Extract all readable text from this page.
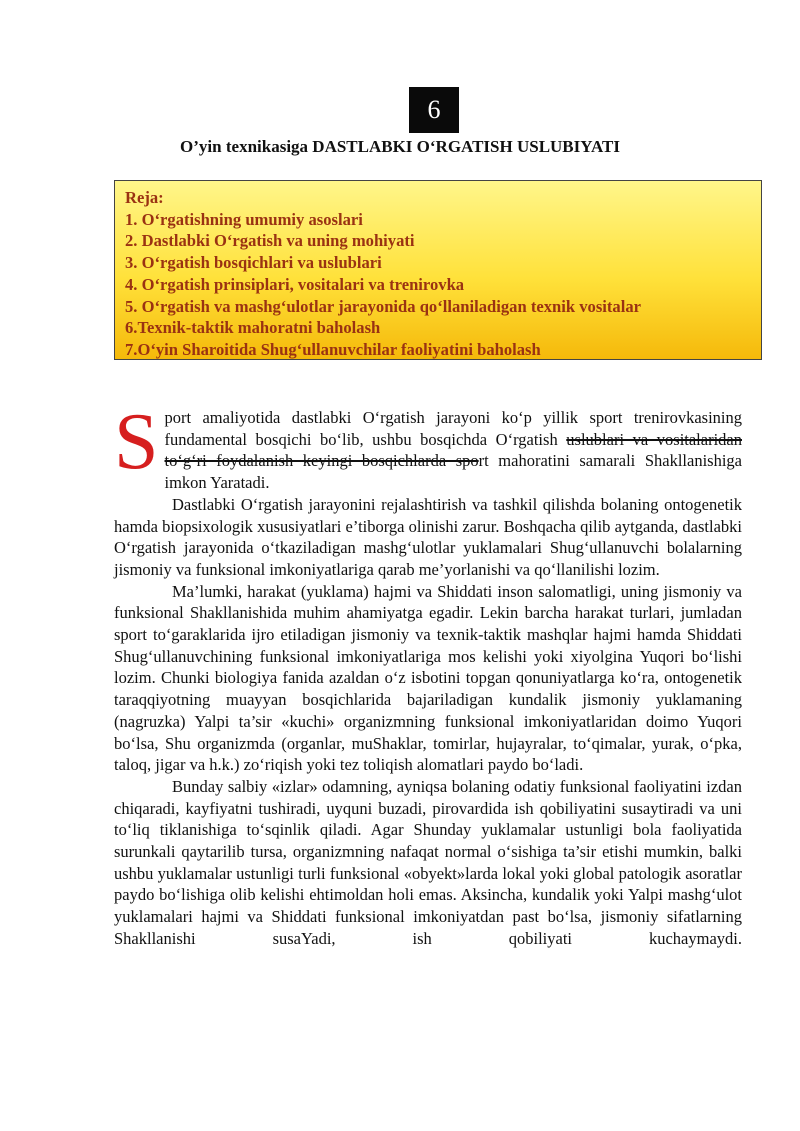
6
O’yin texnikasiga DASTLABKI O‘RGATISH USLUBIYATI
Reja:
1. O‘rgatishning umumiy asoslari
2. Dastlabki O‘rgatish va uning mohiyati
3. O‘rgatish bosqichlari va uslublari
4. O‘rgatish prinsiplari, vositalari va trenirovka
5. O‘rgatish va mashg‘ulotlar jarayonida qo‘llaniladigan texnik vositalar
6.Texnik-taktik mahoratni baholash
7.O‘yin Sharoitida Shug‘ullanuvchilar faoliyatini baholash

Sport amaliyotida dastlabki O‘rgatish jarayoni ko‘p yillik sport trenirovkasining fundamental bosqichi bo‘lib, ushbu bosqichda O‘rgatish uslublari va vositalaridan to‘g‘ri foydalanish keyingi bosqichlarda sport mahoratini samarali Shakllanishiga imkon Yaratadi.

Dastlabki O‘rgatish jarayonini rejalashtirish va tashkil qilishda bolaning ontogenetik hamda biopsixologik xususiyatlari e’tiborga olinishi zarur. Boshqacha qilib aytganda, dastlabki O‘rgatish jarayonida o‘tkaziladigan mashg‘ulotlar yuklamalari Shug‘ullanuvchi bolalarning jismoniy va funksional imkoniyatlariga qarab me’yorlanishi va qo‘llanilishi lozim.

Ma’lumki, harakat (yuklama) hajmi va Shiddati inson salomatligi, uning jismoniy va funksional Shakllanishida muhim ahamiyatga egadir. Lekin barcha harakat turlari, jumladan sport to‘garaklarida ijro etiladigan jismoniy va texnik-taktik mashqlar hajmi hamda Shiddati Shug‘ullanuvchining funksional imkoniyatlariga mos kelishi yoki xiyolgina Yuqori bo‘lishi lozim. Chunki biologiya fanida azaldan o‘z isbotini topgan qonuniyatlarga ko‘ra, ontogenetik taraqqiyotning muayyan bosqichlarida bajariladigan kundalik jismoniy yuklamaning (nagruzka) Yalpi ta’sir «kuchi» organizmning funksional imkoniyatlaridan doimo Yuqori bo‘lsa, Shu organizmda (organlar, muShaklar, tomirlar, hujayralar, to‘qimalar, yurak, o‘pka, taloq, jigar va h.k.) zo‘riqish yoki tez toliqish alomatlari paydo bo‘ladi.

Bunday salbiy «izlar» odamning, ayniqsa bolaning odatiy funksional faoliyatini izdan chiqaradi, kayfiyatni tushiradi, uyquni buzadi, pirovardida ish qobiliyatini susaytiradi va uni to‘liq tiklanishiga to‘sqinlik qiladi. Agar Shunday yuklamalar ustunligi bola faoliyatida surunkali qaytarilib tursa, organizmning nafaqat normal o‘sishiga ta’sir etishi mumkin, balki ushbu yuklamalar ustunligi turli funksional «obyekt»larda lokal yoki global patologik asoratlar paydo bo‘lishiga olib kelishi ehtimoldan holi emas. Aksincha, kundalik yoki Yalpi mashg‘ulot yuklamalari hajmi va Shiddati funksional imkoniyatdan past bo‘lsa, jismoniy sifatlarning Shakllanishi susaYadi, ish qobiliyati kuchaymaydi.
